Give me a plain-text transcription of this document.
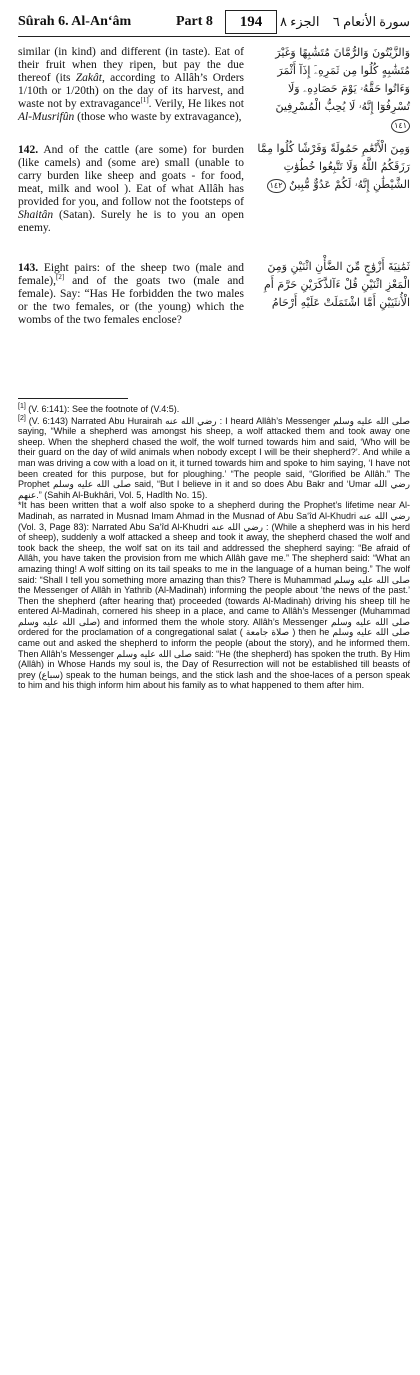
Sûrah 6. Al-An‘âm	Part 8	194	الجزء ٨ سورة الأنعام ٦
similar (in kind) and different (in taste). Eat of their fruit when they ripen, but pay the due thereof (its Zakât, according to Allâh’s Orders 1/10th or 1/20th) on the day of its harvest, and waste not by extravagance[1]. Verily, He likes not Al-Musrifûn (those who waste by extravagance),
وَالزَّيْتُونَ وَالرُّمَّانَ مُتَشَٰبِهًا وَغَيْرَ مُتَشَٰبِهٍ كُلُوا مِن ثَمَرِهِۦٓ إِذَآ أَثْمَرَ وَءَاتُوا حَقَّهُۥ يَوْمَ حَصَادِهِۦ وَلَا تُسْرِفُوٓا إِنَّهُۥ لَا يُحِبُّ الْمُسْرِفِينَ ١٤١
142. And of the cattle (are some) for burden (like camels) and (some are) small (unable to carry burden like sheep and goats - for food, meat, milk and wool ). Eat of what Allâh has provided for you, and follow not the footsteps of Shaitân (Satan). Surely he is to you an open enemy.
وَمِنَ الْأَنْعَٰمِ حَمُولَةً وَفَرْشًا كُلُوا مِمَّا رَزَقَكُمُ اللَّهُ وَلَا تَتَّبِعُوا خُطُوَٰتِ الشَّيْطَٰنِ إِنَّهُۥ لَكُمْ عَدُوٌّ مُّبِينٌ ١٤٢
143. Eight pairs: of the sheep two (male and female),[2] and of the goats two (male and female). Say: “Has He forbidden the two males or the two females, or (the young) which the wombs of the two females enclose?
ثَمَٰنِيَةَ أَزْوَٰجٍ مِّنَ الضَّأْنِ اثْنَيْنِ وَمِنَ الْمَعْزِ اثْنَيْنِ قُلْ ءَآلذَّكَرَيْنِ حَرَّمَ أَمِ الْأُنثَيَيْنِ أَمَّا اشْتَمَلَتْ عَلَيْهِ أَرْحَامُ

[1] (V. 6:141): See the footnote of (V.4:5).

[2] (V. 6:143) Narrated Abu Hurairah رضي الله عنه : I heard Allâh’s Messenger صلى الله عليه وسلم saying, “While a shepherd was amongst his sheep, a wolf attacked them and took away one sheep. When the shepherd chased the wolf, the wolf turned towards him and said, ‘Who will be their guard on the day of wild animals when nobody except I will be their shepherd?’. And while a man was driving a cow with a load on it, it turned towards him and spoke to him saying, ‘I have not been created for this purpose, but for ploughing.’ “The people said, “Glorified be Allâh.” The Prophet صلى الله عليه وسلم said, “But I believe in it and so does Abu Bakr and ‘Umar رضي الله عنهم.” (Sahih Al-Bukhâri, Vol. 5, Hadîth No. 15).

*It has been written that a wolf also spoke to a shepherd during the Prophet’s lifetime near Al-Madinah, as narrated in Musnad Imam Ahmad in the Musnad of Abu Sa‘îd Al-Khudri رضي الله عنه (Vol. 3, Page 83): Narrated Abu Sa‘îd Al-Khudri رضي الله عنه : (While a shepherd was in his herd of sheep), suddenly a wolf attacked a sheep and took it away, the shepherd chased the wolf and took back the sheep, the wolf sat on its tail and addressed the shepherd saying: “Be afraid of Allâh, you have taken the provision from me which Allâh gave me.” The shepherd said: “What an amazing thing! A wolf sitting on its tail speaks to me in the language of a human being.” The wolf said: “Shall I tell you something more amazing than this? There is Muhammad صلى الله عليه وسلم the Messenger of Allâh in Yathrib (Al-Madinah) informing the people about ‘the news of the past.’ Then the shepherd (after hearing that) proceeded (towards Al-Madinah) driving his sheep till he entered Al-Madinah, cornered his sheep in a place, and came to Allâh’s Messenger (Muhammad صلى الله عليه وسلم) and informed them the whole story. Allâh’s Messenger صلى الله عليه وسلم ordered for the proclamation of a congregational salat ( صلاة جامعة ) then he صلى الله عليه وسلم came out and asked the shepherd to inform the people (about the story), and he informed them. Then Allâh’s Messenger صلى الله عليه وسلم said: “He (the shepherd) has spoken the truth. By Him (Allâh) in Whose Hands my soul is, the Day of Resurrection will not be established till beasts of prey (سباع) speak to the human beings, and the stick lash and the shoe-laces of a person speak to him and his thigh inform him about his family as to what happened to them after him.
